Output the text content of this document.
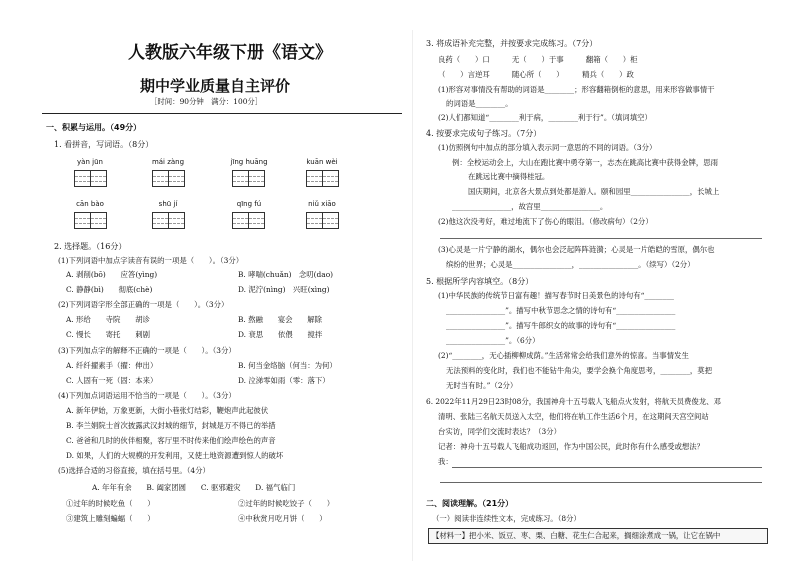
人教版六年级下册《语文》
期中学业质量自主评价
［时间：90分钟　满分：100分］
一、积累与运用。（49分）
1. 看拼音，写词语。（8分）
yàn jūn	mái zàng	jīng huāng	kuān wèi
cān bào	shū jí	qīng fú	niǔ xiāo
2. 选择题。（16分）
(1)下列词语中加点字读音有误的一项是（　　）。（3分）
A. 剥削(bō)　　应答(yìng)	B. 哮喘(chuǎn)　念叨(dao)
C. 静静(bì)　　彻底(chè)	D. 泥泞(nìng)　兴旺(xìng)
(2)下列词语字形全部正确的一项是（　　）。（3分）
A. 形给　　寺院　　胡诊	B. 熬融　　宴会　　解除
C. 慢长　　寄托　　刺剧	D. 衰思　　依偎　　搅拌
(3)下列加点字的解释不正确的一项是（　　）。（3分）
A. 纤纤擢素手（擢：伸出）	B. 何当金络脑（何当：为何）
C. 人固有一死（固：本来）	D. 泣涕零如雨（零：落下）
(4)下列加点词语运用不恰当的一项是（　　）。（3分）
A. 新年伊始，万象更新，大街小巷张灯结彩，鞭炮声此起彼伏
B. 李兰娟院士首次披露武汉封城的细节，封城是万不得已的举措
C. 爸爸和几时的伙伴相聚，客厅里不时传来他们绘声绘色的声音
D. 如果，人们的大规模的开发利用，又使土地资源遭到惊人的破坏
(5)选择合适的习俗直接，填在括号里。（4分）
A. 年年有余　　B. 阖家团圆　　C. 驱邪避灾　　D. 福气临门
①过年的时候吃鱼（　　）	②过年的时候吃饺子（　　）
③建筑上雕刻蝙蝠（　　）	④中秋赏月吃月饼（　　）
3. 将成语补充完整，并按要求完成练习。（7分）
良药（　　）口　　　无（　　）于事　　　翻箱（　　）柜
（　　）言逆耳　　　随心所（　　）　　　精兵（　　）政
(1)形容对事情没有帮助的词语是________；形容翻箱倒柜的意思，用来形容做事情干
的词语是________。
(2)人们都知道“________利于病，________利于行”。（填词填空）
4. 按要求完成句子练习。（7分）
(1)仿照例句中加点的部分填入表示同一意思的不同的词语。（3分）
例：全校运动会上，大山在跑比赛中勇夺第一，志杰在跳高比赛中获得金牌，思雨
在跳远比赛中摘得桂冠。
国庆期间，北京各大景点到处都是游人。颐和园里________________，长城上
________________，故宫里________________。
(2)他这次没考好，难过地流下了伤心的眼泪。（修改病句）（2分）
(3)心灵是一片宁静的湖水，偶尔也会泛起阵阵涟漪；心灵是一片皓皑的雪原，偶尔也
缤纷的世界；心灵是________________，________________。（续写）（2分）
5. 根据所学内容填空。（8分）
(1)中华民族的传统节日富有趣！描写春节时日美景色的诗句有“________
________________”。描写中秋节思念之情的诗句有“________________
________________”。描写牛郎织女的故事的诗句有“________________
________________”。（6分）
(2)“________，无心插柳柳成荫。”生活常常会给我们意外的惊喜。当事情发生
无法预料的变化时，我们也不能钻牛角尖，要学会换个角度思考，________，莫把
无时当有时。”（2分）
6. 2022年11月29日23时08分，我国神舟十五号载人飞船点火发射，将航天员费俊龙、邓
清明、张陆三名航天员送入太空，他们将在轨工作生活6个月，在这期间天宫空间站
台实访，同学们交流时表达？（3分）
记者：神舟十五号载人飞船成功返回，作为中国公民，此时你有什么感受或想法？
我：
二、阅读理解。（21分）
（一）阅读非连续性文本，完成练习。（8分）
【材料一】把小米、饭豆、枣、栗、白糖、花生仁合起来，搁细涂煮成一锅，让它在锅中
